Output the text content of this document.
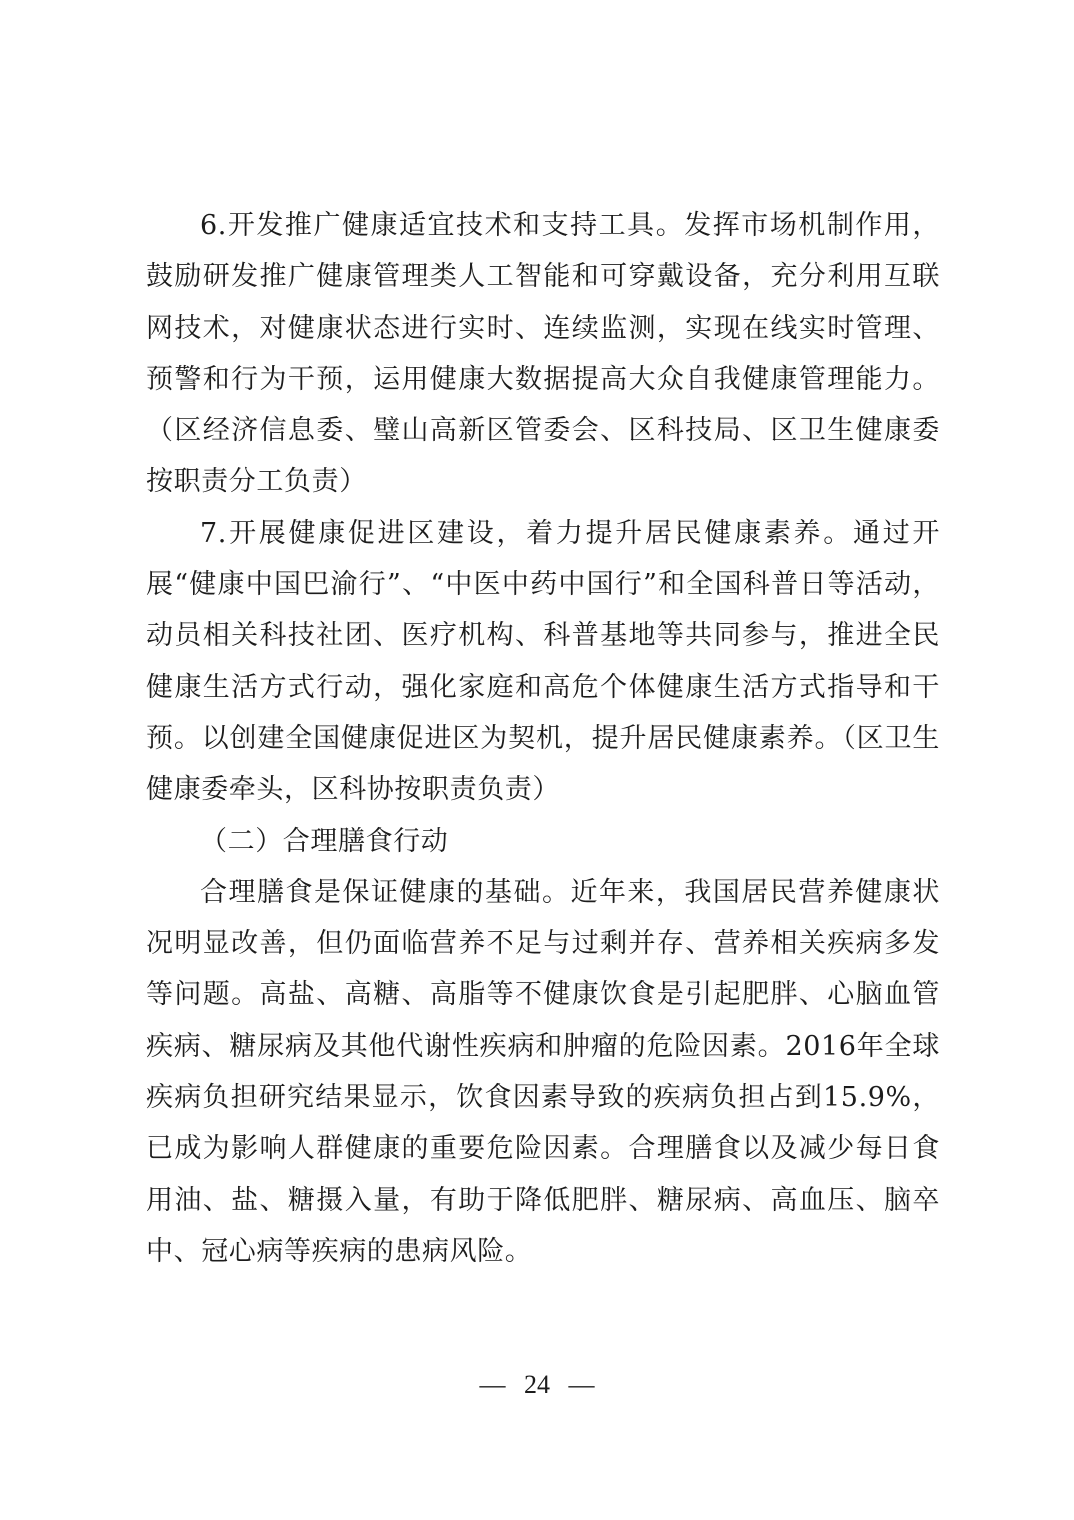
6.开发推广健康适宜技术和支持工具。发挥市场机制作用，鼓励研发推广健康管理类人工智能和可穿戴设备，充分利用互联网技术，对健康状态进行实时、连续监测，实现在线实时管理、预警和行为干预，运用健康大数据提高大众自我健康管理能力。（区经济信息委、璧山高新区管委会、区科技局、区卫生健康委按职责分工负责）

7.开展健康促进区建设，着力提升居民健康素养。通过开展“健康中国巴渝行”、“中医中药中国行”和全国科普日等活动，动员相关科技社团、医疗机构、科普基地等共同参与，推进全民健康生活方式行动，强化家庭和高危个体健康生活方式指导和干预。以创建全国健康促进区为契机，提升居民健康素养。（区卫生健康委牵头，区科协按职责负责）

（二）合理膳食行动

合理膳食是保证健康的基础。近年来，我国居民营养健康状况明显改善，但仍面临营养不足与过剩并存、营养相关疾病多发等问题。高盐、高糖、高脂等不健康饮食是引起肥胖、心脑血管疾病、糖尿病及其他代谢性疾病和肿瘤的危险因素。2016年全球疾病负担研究结果显示，饮食因素导致的疾病负担占到15.9%，已成为影响人群健康的重要危险因素。合理膳食以及减少每日食用油、盐、糖摄入量，有助于降低肥胖、糖尿病、高血压、脑卒中、冠心病等疾病的患病风险。

— 24 —
